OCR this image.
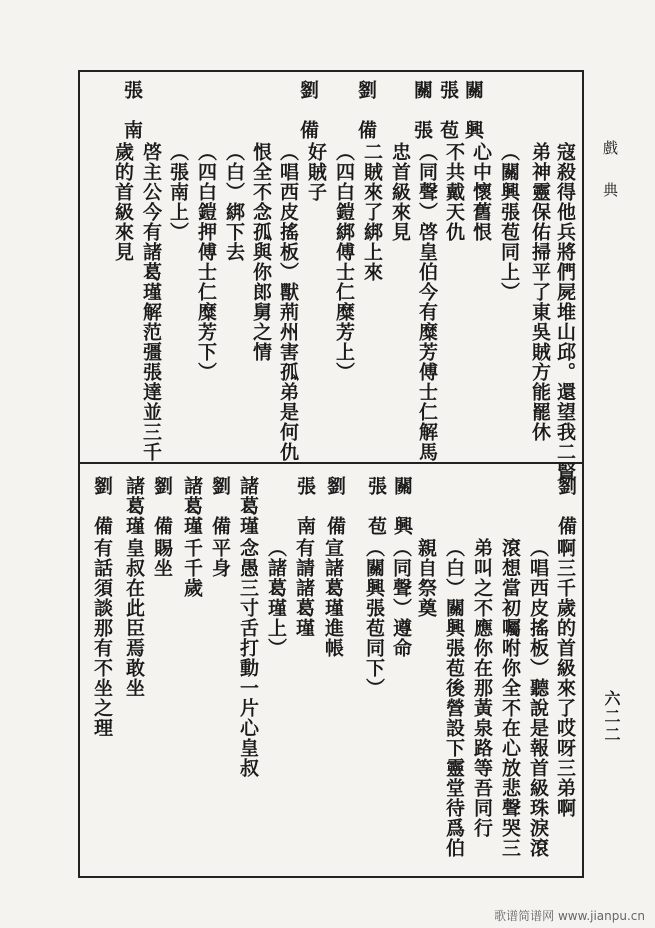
戲　典
六二二
關　興
張　苞
關　張
劉　備
劉　備
張　南
寇殺得他兵將們屍堆山邱。還望我二賢
弟神靈保佑掃平了東吳賊方能罷休
（關興張苞同上）
心中懷舊恨
不共戴天仇
（同聲）啓皇伯今有糜芳傅士仁解馬
忠首級來見
二賊來了綁上來
（四白鎧綁傅士仁糜芳上）
好賊子
（唱西皮搖板）獸荊州害孤弟是何仇
恨全不念孤與你郎舅之情
（白）綁下去
（四白鎧押傅士仁糜芳下）
（張南上）
啓主公今有諸葛瑾解范彊張達並三千
歲的首級來見
劉　備
關　興
張　苞
劉　備
張　南
諸葛瑾
劉　備
諸葛瑾
劉　備
諸葛瑾
劉　備
啊三千歲的首級來了哎呀三弟啊
（唱西皮搖板）聽說是報首級珠淚滾
滾想當初囑咐你全不在心放悲聲哭三
弟叫之不應你在那黃泉路等吾同行
（白）關興張苞後營設下靈堂待爲伯
親自祭奠
（同聲）遵命
（關興張苞同下）
宣諸葛瑾進帳
有請諸葛瑾
（諸葛瑾上）
念愚三寸舌打動一片心皇叔
平身
千千歲
賜坐
皇叔在此臣焉敢坐
有話須談那有不坐之理
歌谱简谱网 www.jianpu.cn
